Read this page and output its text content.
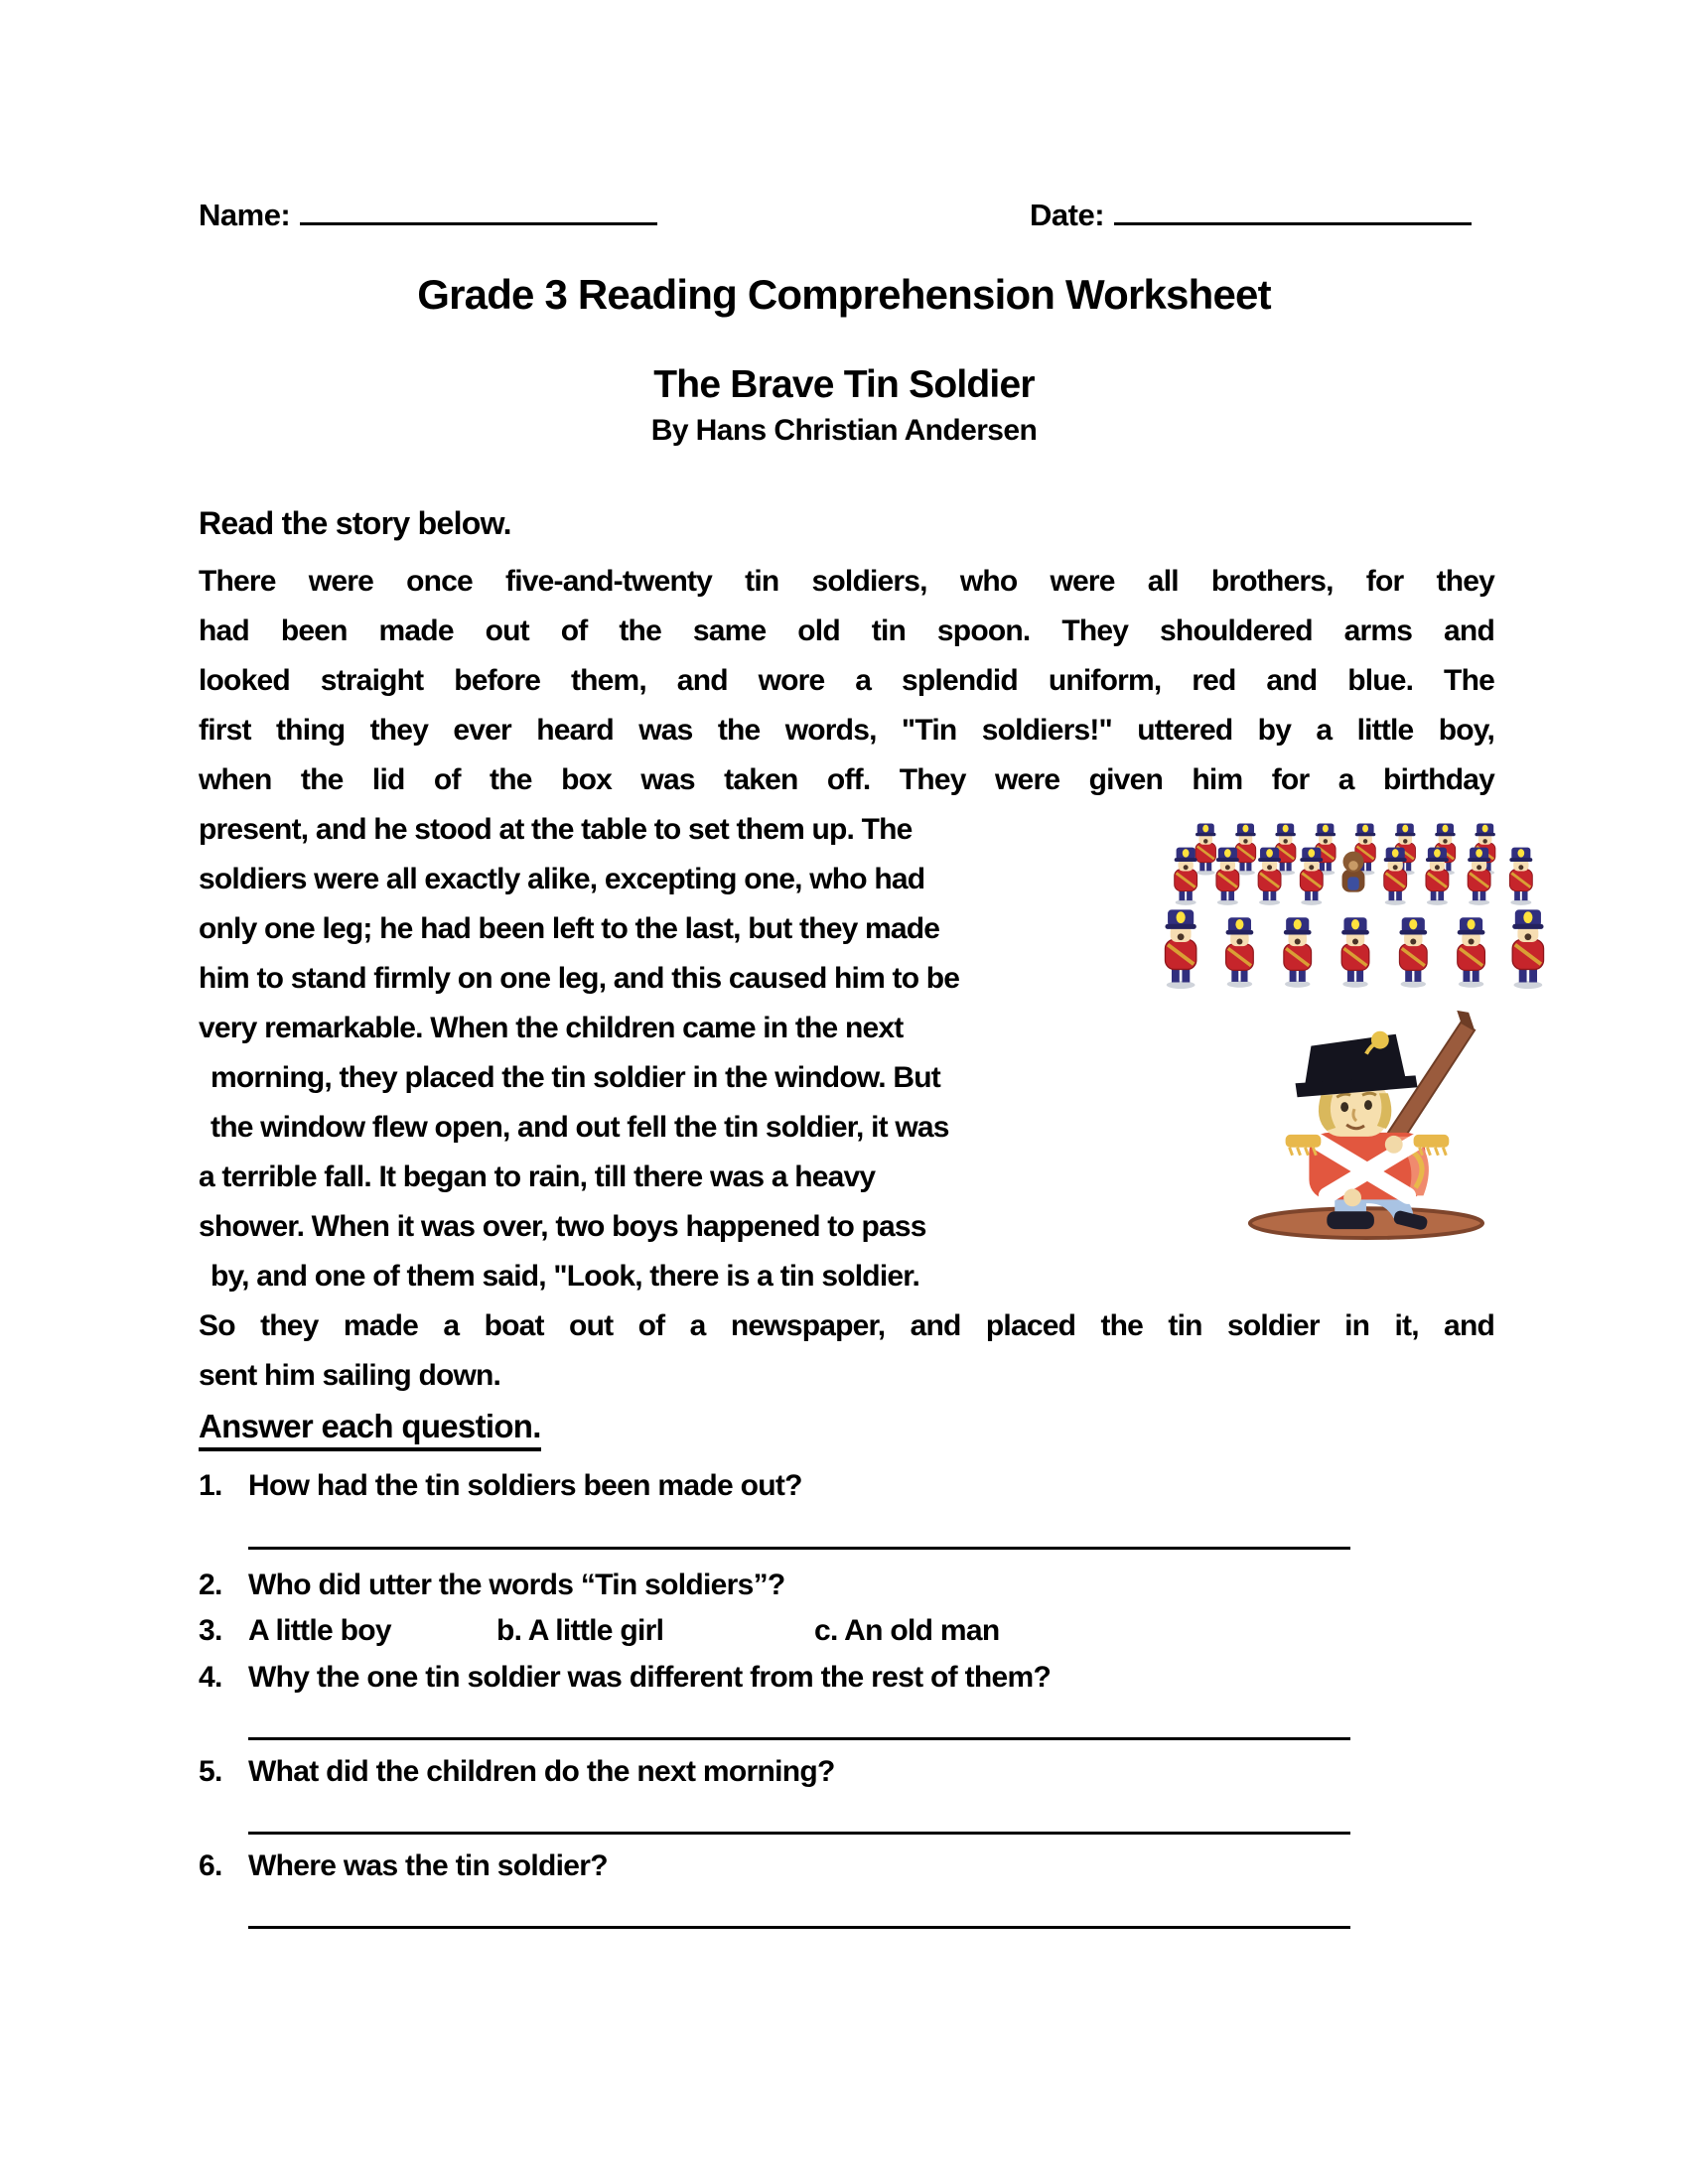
Name:	Date:
Grade 3 Reading Comprehension Worksheet
The Brave Tin Soldier
By Hans Christian Andersen
Read the story below.
There were once five-and-twenty tin soldiers, who were all brothers, for they
had been made out of the same old tin spoon. They shouldered arms and
looked straight before them, and wore a splendid uniform, red and blue. The
first thing they ever heard was the words, "Tin soldiers!" uttered by a little boy,
when the lid of the box was taken off. They were given him for a birthday
present, and he stood at the table to set them up. The
soldiers were all exactly alike, excepting one, who had
only one leg; he had been left to the last, but they made
him to stand firmly on one leg, and this caused him to be
very remarkable. When the children came in the next
morning, they placed the tin soldier in the window. But
the window flew open, and out fell the tin soldier, it was
a terrible fall. It began to rain, till there was a heavy
shower. When it was over, two boys happened to pass
by, and one of them said, "Look, there is a tin soldier.
So they made a boat out of a newspaper, and placed the tin soldier in it, and
sent him sailing down.
Answer each question.
1. How had the tin soldiers been made out?
2. Who did utter the words “Tin soldiers”?
3. A little boy	b. A little girl	c. An old man
4. Why the one tin soldier was different from the rest of them?
5. What did the children do the next morning?
6. Where was the tin soldier?
